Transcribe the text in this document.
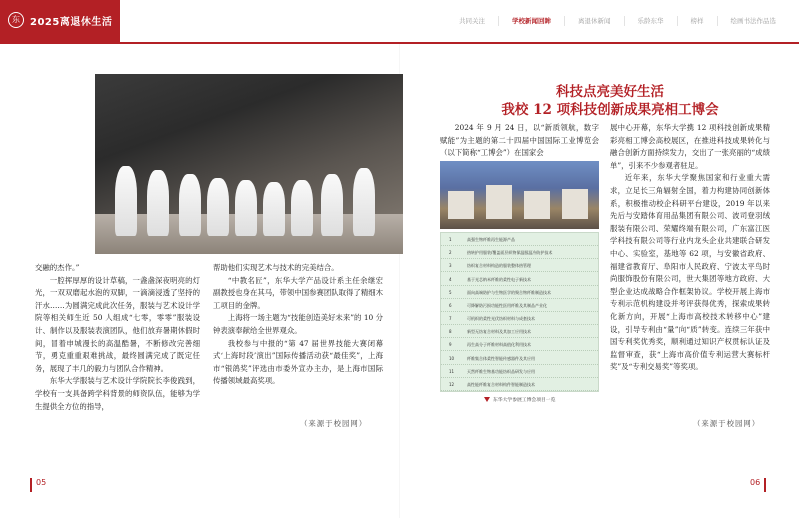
东	2025离退休生活	共同关注	学校新闻回眸	离退休新闻	乐龄东华	榜样	绘画书法作品选

交融的杰作。”

一腔挥厚厚的设计草稿，一盏盏深夜明亮的灯光，一双双磨起水泡的双脚，一滴滴浸透了坚持的汗水……为圆满完成此次任务，服装与艺术设计学院等相关师生近 50 人组成“七零，零零”服装设计、制作以及服装表演团队，他们放弃暑期休假时间，冒着申城漫长的高温酷暑，不断修改完善细节，勇克重重艰难挑战，最终圆满完成了既定任务，展现了丰几的毅力与团队合作精神。

东华大学服装与艺术设计学院院长李俊践到，学校有一支具备跨学科背景的师资队伍，能够为学生提供全方位的指导，

帮助他们实现艺术与技术的完美结合。

“中教名匠”，东华大学产品设计系主任余继宏副教授也身在其马，带领中国参赛团队取得了精细木工项目的金牌。

上海将一场主题为“技能创造美好未来”的 10 分钟表演奉献给全世界观众。

我校参与中报的“第 47 届世界技能大赛闭幕式‘上海时段’演出”国际传播活动获“最佳奖”，上海市“银鸽奖”评选由市委外宣办主办，是上海市国际传播领域最高奖项。

（来源于校园网）
05
科技点亮美好生活
我校 12 项科技创新成果亮相工博会

2024 年 9 月 24 日，以“新质领航，数字赋能”为主题的第二十四届中国国际工业博览会（以下简称“工博会”）在国家会

1	高强生物纤维再生能源产品
2	热转护用服装/覆盖面层织物保温服温冷防护技术
3	纺织复合材料构造的服装整体热管理
4	基于光芯纳米纤维的柔性电子新技术
5	面向高端防护与生物医学的聚合物纤维制造技术
6	可降解防污损功能性医用纤维及其制品产业化
7	可机织的柔性光伏纺织材料与成套技术
8	新型无纺复合材料及其加工应用技术
9	再生高分子纤维材料高值化利用技术
10	纤维集合体柔性智能传感器件及其应用
11	天然纤维生物基功能纺织品研发与应用
12	高性能纤维复合材料构件智能制造技术
东华大学参展工博会项目一览

展中心开幕，东华大学携 12 项科技创新成果精彩亮相工博会高校展区，在推进科技成果转化与融合创新方面持续发力，交出了一张亮丽的“成绩单”，引来不少参观者驻足。

近年来，东华大学聚焦国家和行业重大需求，立足长三角辐射全国，着力构建协同创新体系，积极推动校企科研平台建设，2019 年以来先后与安踏体育用品集团有限公司、波司登羽绒服装有限公司、荣耀终端有限公司，广东富江医学科技有限公司等行业内龙头企业共建联合研发中心、实验室，基地等 62 项，与安徽省政府、福建省教育厅、阜阳市人民政府、宁波太平鸟时尚服饰股份有限公司，世大集团等地方政府、大型企业达成战略合作框架协议。学校开展上海市专利示范机构建设并考评获得优秀，探索成果转化新方向，开展“上海市高校技术转移中心”建设，引导专利由“量”向“质”转变。连续三年获中国专利奖优秀奖，顺利通过知识产权贯标认证及监督审查，获“上海市高价值专利运营大赛标杆奖”及“专利交易奖”等奖项。

（来源于校园网）
06
